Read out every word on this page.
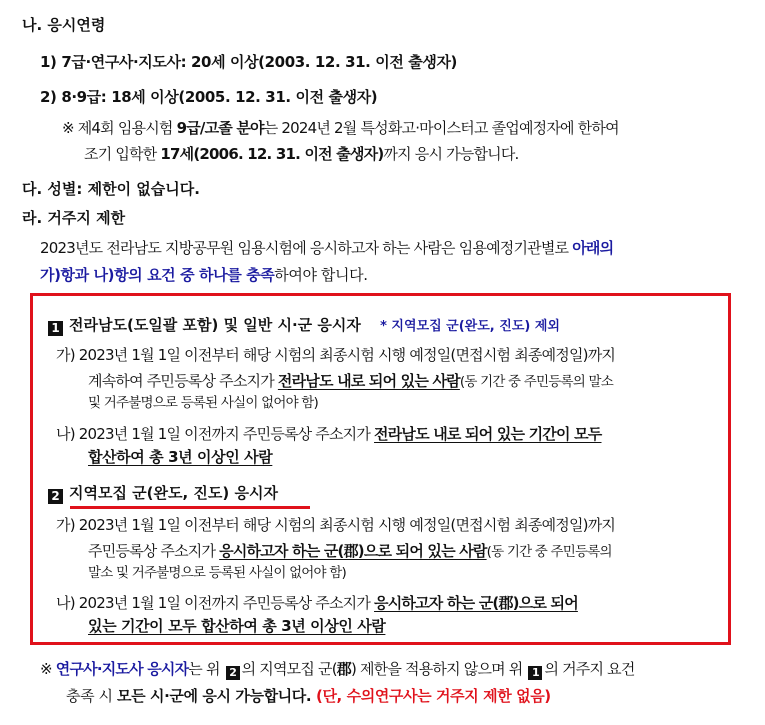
나. 응시연령
1) 7급·연구사·지도사: 20세 이상(2003. 12. 31. 이전 출생자)
2) 8·9급: 18세 이상(2005. 12. 31. 이전 출생자)
※ 제4회 임용시험 9급/고졸 분야는 2024년 2월 특성화고·마이스터고 졸업예정자에 한하여
조기 입학한 17세(2006. 12. 31. 이전 출생자)까지 응시 가능합니다.
다. 성별: 제한이 없습니다.
라. 거주지 제한
2023년도 전라남도 지방공무원 임용시험에 응시하고자 하는 사람은 임용예정기관별로 아래의
가)항과 나)항의 요건 중 하나를 충족하여야 합니다.
1 전라남도(도일괄 포함) 및 일반 시·군 응시자 * 지역모집 군(완도, 진도) 제외
가) 2023년 1월 1일 이전부터 해당 시험의 최종시험 시행 예정일(면접시험 최종예정일)까지
계속하여 주민등록상 주소지가 전라남도 내로 되어 있는 사람(동 기간 중 주민등록의 말소
및 거주불명으로 등록된 사실이 없어야 함)
나) 2023년 1월 1일 이전까지 주민등록상 주소지가 전라남도 내로 되어 있는 기간이 모두
합산하여 총 3년 이상인 사람
2 지역모집 군(완도, 진도) 응시자
가) 2023년 1월 1일 이전부터 해당 시험의 최종시험 시행 예정일(면접시험 최종예정일)까지
주민등록상 주소지가 응시하고자 하는 군(郡)으로 되어 있는 사람(동 기간 중 주민등록의
말소 및 거주불명으로 등록된 사실이 없어야 함)
나) 2023년 1월 1일 이전까지 주민등록상 주소지가 응시하고자 하는 군(郡)으로 되어
있는 기간이 모두 합산하여 총 3년 이상인 사람
※ 연구사·지도사 응시자는 위 2 의 지역모집 군(郡) 제한을 적용하지 않으며 위 1 의 거주지 요건
충족 시 모든 시·군에 응시 가능합니다. (단, 수의연구사는 거주지 제한 없음)
